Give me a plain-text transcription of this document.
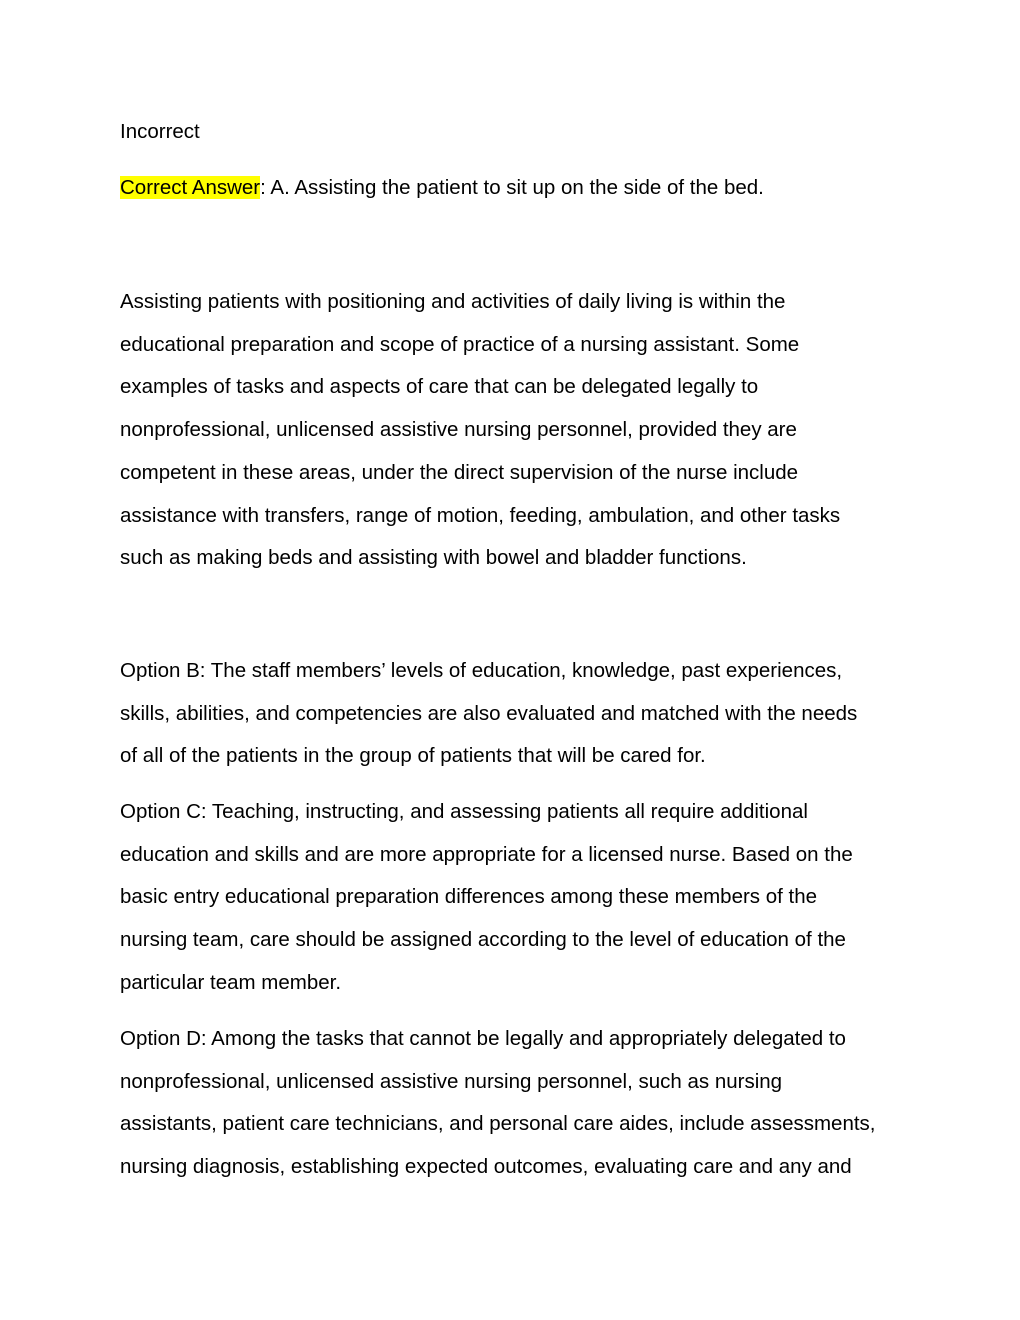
Incorrect

Correct Answer: A. Assisting the patient to sit up on the side of the bed.

Assisting patients with positioning and activities of daily living is within the
educational preparation and scope of practice of a nursing assistant. Some
examples of tasks and aspects of care that can be delegated legally to
nonprofessional, unlicensed assistive nursing personnel, provided they are
competent in these areas, under the direct supervision of the nurse include
assistance with transfers, range of motion, feeding, ambulation, and other tasks
such as making beds and assisting with bowel and bladder functions.
Option B: The staff members’ levels of education, knowledge, past experiences,
skills, abilities, and competencies are also evaluated and matched with the needs
of all of the patients in the group of patients that will be cared for.
Option C: Teaching, instructing, and assessing patients all require additional
education and skills and are more appropriate for a licensed nurse. Based on the
basic entry educational preparation differences among these members of the
nursing team, care should be assigned according to the level of education of the
particular team member.
Option D: Among the tasks that cannot be legally and appropriately delegated to
nonprofessional, unlicensed assistive nursing personnel, such as nursing
assistants, patient care technicians, and personal care aides, include assessments,
nursing diagnosis, establishing expected outcomes, evaluating care and any and
